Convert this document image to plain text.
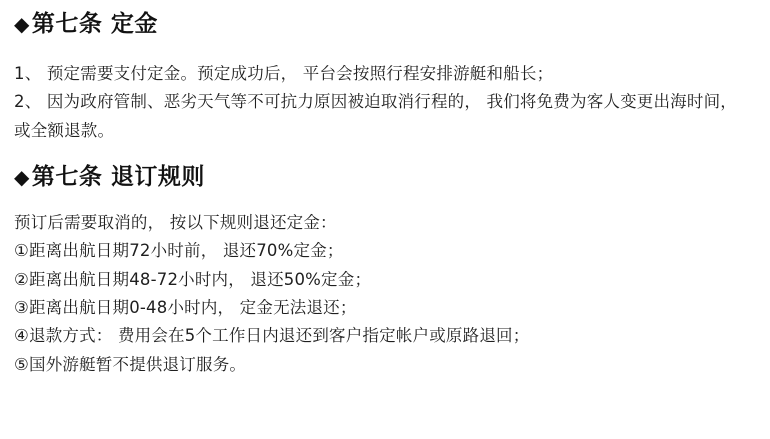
◆ 第七条 定金

1、 预定需要支付定金。预定成功后， 平台会按照行程安排游艇和船长；

2、 因为政府管制、恶劣天气等不可抗力原因被迫取消行程的， 我们将免费为客人变更出海时间， 或全额退款。

◆ 第七条 退订规则

预订后需要取消的， 按以下规则退还定金：

①距离出航日期72小时前， 退还70%定金；

②距离出航日期48-72小时内， 退还50%定金；

③距离出航日期0-48小时内， 定金无法退还；

④退款方式： 费用会在5个工作日内退还到客户指定帐户或原路退回；

⑤国外游艇暂不提供退订服务。
